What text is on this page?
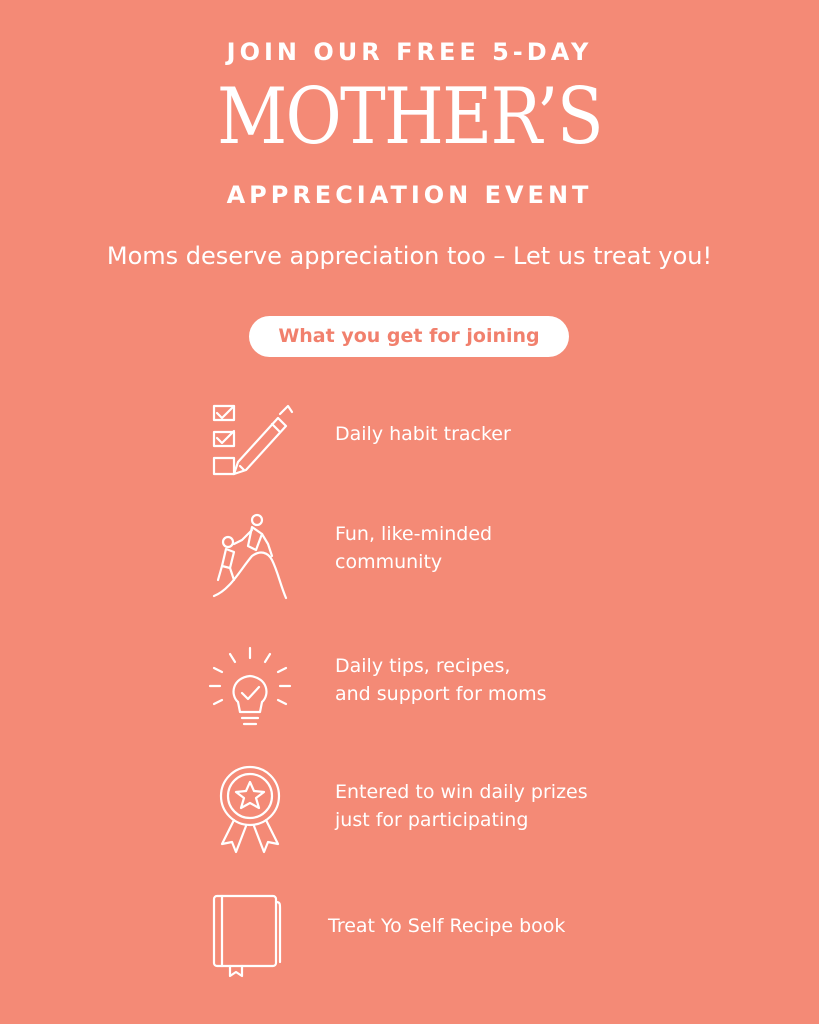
JOIN OUR FREE 5-DAY
MOTHER’S
APPRECIATION EVENT
Moms deserve appreciation too – Let us treat you!
What you get for joining
Daily habit tracker
Fun, like-minded
community
Daily tips, recipes,
and support for moms
Entered to win daily prizes
just for participating
Treat Yo Self Recipe book
